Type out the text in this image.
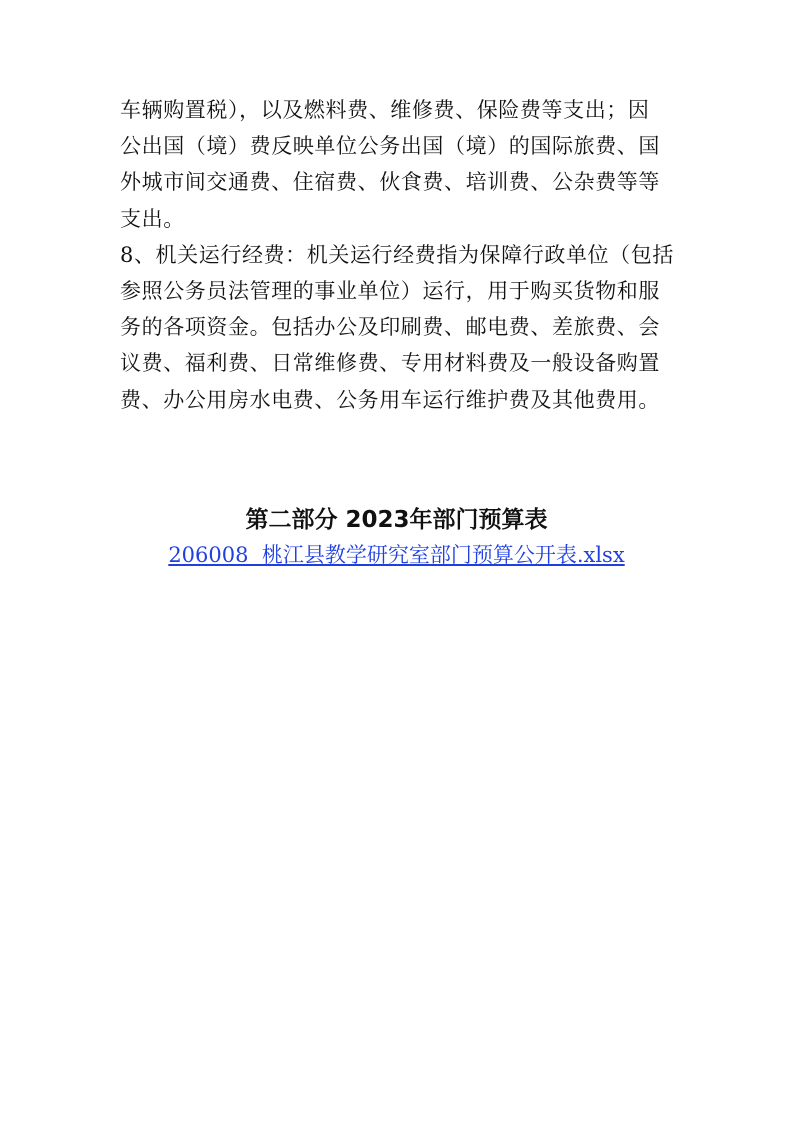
车辆购置税），以及燃料费、维修费、保险费等支出；因
公出国（境）费反映单位公务出国（境）的国际旅费、国
外城市间交通费、住宿费、伙食费、培训费、公杂费等等
支出。
8、机关运行经费：机关运行经费指为保障行政单位（包括
参照公务员法管理的事业单位）运行，用于购买货物和服
务的各项资金。包括办公及印刷费、邮电费、差旅费、会
议费、福利费、日常维修费、专用材料费及一般设备购置
费、办公用房水电费、公务用车运行维护费及其他费用。
第二部分 2023年部门预算表
206008  桃江县教学研究室部门预算公开表.xlsx
